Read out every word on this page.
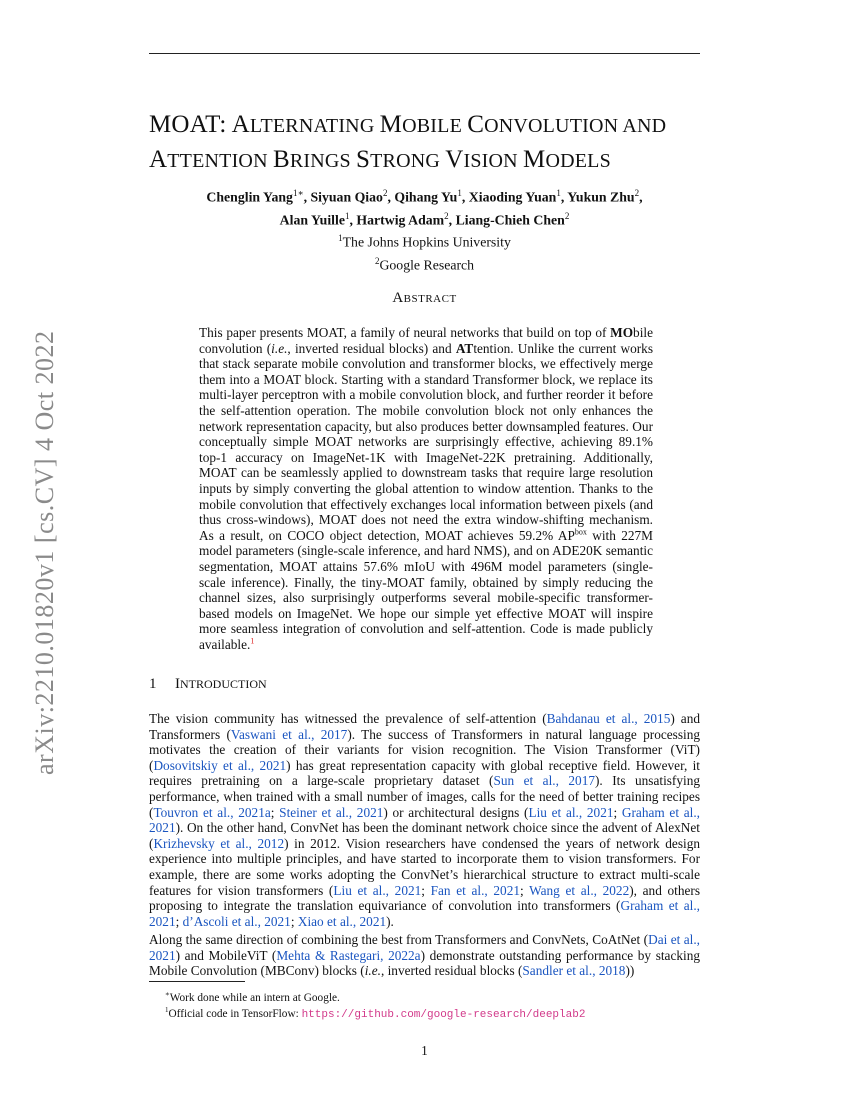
arXiv:2210.01820v1 [cs.CV] 4 Oct 2022
MOAT: ALTERNATING MOBILE CONVOLUTION AND
ATTENTION BRINGS STRONG VISION MODELS
Chenglin Yang$^{1∗}$, Siyuan Qiao$^2$, Qihang Yu$^1$, Xiaoding Yuan$^1$, Yukun Zhu$^2$,
Alan Yuille$^1$, Hartwig Adam$^2$, Liang-Chieh Chen$^2$
$^1$The Johns Hopkins University
$^2$Google Research
Abstract

This paper presents MOAT, a family of neural networks that build on top of MObile convolution (i.e., inverted residual blocks) and ATtention. Unlike the current works that stack separate mobile convolution and transformer blocks, we effectively merge them into a MOAT block. Starting with a standard Transformer block, we replace its multi-layer perceptron with a mobile convolution block, and further reorder it before the self-attention operation. The mobile convolution block not only enhances the network representation capacity, but also produces better downsampled features. Our conceptually simple MOAT networks are surprisingly effective, achieving 89.1% top-1 accuracy on ImageNet-1K with ImageNet-22K pretraining. Additionally, MOAT can be seamlessly applied to downstream tasks that require large resolution inputs by simply converting the global attention to window attention. Thanks to the mobile convolution that effectively exchanges local information between pixels (and thus cross-windows), MOAT does not need the extra window-shifting mechanism. As a result, on COCO object detection, MOAT achieves 59.2% $AP^{box}$ with 227M model parameters (single-scale inference, and hard NMS), and on ADE20K semantic segmentation, MOAT attains 57.6% mIoU with 496M model parameters (single-scale inference). Finally, the tiny-MOAT family, obtained by simply reducing the channel sizes, also surprisingly outperforms several mobile-specific transformer-based models on ImageNet. We hope our simple yet effective MOAT will inspire more seamless integration of convolution and self-attention. Code is made publicly available.$^1$

1 INTRODUCTION

The vision community has witnessed the prevalence of self-attention (Bahdanau et al., 2015) and Transformers (Vaswani et al., 2017). The success of Transformers in natural language processing motivates the creation of their variants for vision recognition. The Vision Transformer (ViT) (Dosovitskiy et al., 2021) has great representation capacity with global receptive field. However, it requires pretraining on a large-scale proprietary dataset (Sun et al., 2017). Its unsatisfying performance, when trained with a small number of images, calls for the need of better training recipes (Touvron et al., 2021a; Steiner et al., 2021) or architectural designs (Liu et al., 2021; Graham et al., 2021). On the other hand, ConvNet has been the dominant network choice since the advent of AlexNet (Krizhevsky et al., 2012) in 2012. Vision researchers have condensed the years of network design experience into multiple principles, and have started to incorporate them to vision transformers. For example, there are some works adopting the ConvNet’s hierarchical structure to extract multi-scale features for vision transformers (Liu et al., 2021; Fan et al., 2021; Wang et al., 2022), and others proposing to integrate the translation equivariance of convolution into transformers (Graham et al., 2021; d’Ascoli et al., 2021; Xiao et al., 2021).

Along the same direction of combining the best from Transformers and ConvNets, CoAtNet (Dai et al., 2021) and MobileViT (Mehta & Rastegari, 2022a) demonstrate outstanding performance by stacking Mobile Convolution (MBConv) blocks (i.e., inverted residual blocks (Sandler et al., 2018))

∗Work done while an intern at Google.
$^1$Official code in TensorFlow: https://github.com/google-research/deeplab2
1
